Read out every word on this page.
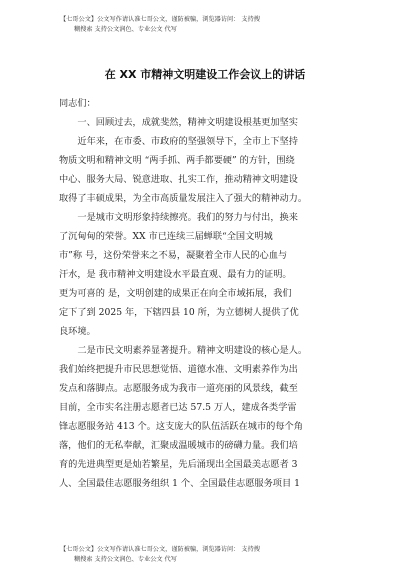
【七哥公文】公文写作请认准七哥公文，谨防被骗，浏览器访问： 支持搜
糊搜索 支持公文润色、专业公文 代写
在 XX 市精神文明建设工作会议上的讲话
同志们：
一、回顾过去，成就斐然，精神文明建设根基更加坚实
近年来，在市委、市政府的坚强领导下，全市上下坚持
物质文明和精神文明 “两手抓、两手都要硬” 的方针，围绕
中心、服务大局、锐意进取、扎实工作，推动精神文明建设
取得了丰硕成果，为全市高质量发展注入了强大的精神动力。
一是城市文明形象持续擦亮。我们的努力与付出，换来
了沉甸甸的荣誉。XX 市已连续三届蝉联“全国文明城
市”称 号，这份荣誉来之不易，凝聚着全市人民的心血与
汗水，是 我市精神文明建设水平最直观、最有力的证明。
更为可喜的 是，文明创建的成果正在向全市域拓展，我们
定下了到 2025 年，下辖四县 10 所，为立德树人提供了优
良环境。
二是市民文明素养显著提升。精神文明建设的核心是人。
我们始终把提升市民思想觉悟、道德水准、文明素养作为出
发点和落脚点。志愿服务成为我市一道亮丽的风景线，截至
目前，全市实名注册志愿者已达 57.5 万人，建成各类学雷
锋志愿服务站 413 个。这支庞大的队伍活跃在城市的每个角
落，他们的无私奉献，汇聚成温暖城市的磅礴力量。我们培
育的先进典型更是灿若繁星，先后涌现出全国最美志愿者 3
人、全国最佳志愿服务组织 1 个、全国最佳志愿服务项目 1
【七哥公文】公文写作请认准七哥公文，谨防被骗，浏览器访问： 支持搜
糊搜索 支持公文润色、专业公文 代写
